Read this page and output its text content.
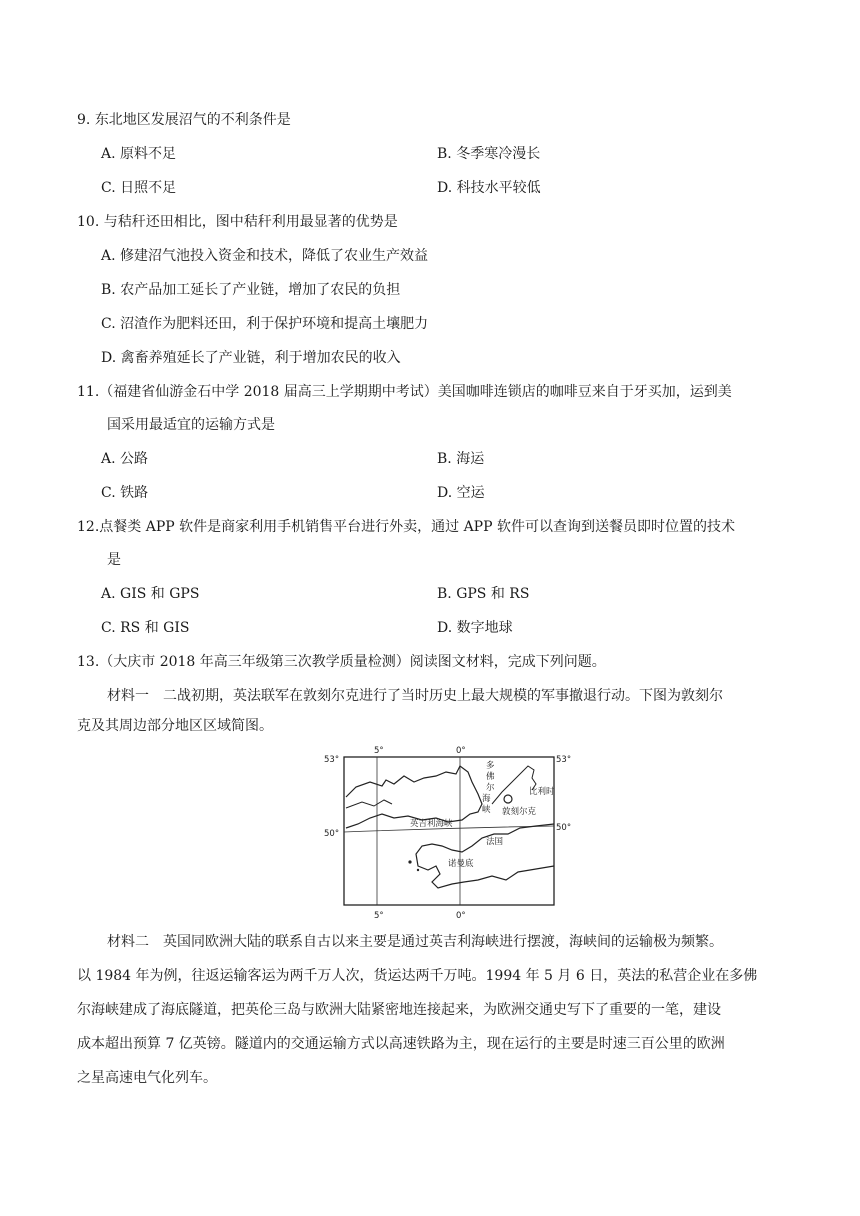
9. 东北地区发展沼气的不利条件是
A. 原料不足	B. 冬季寒冷漫长
C. 日照不足	D. 科技水平较低
10. 与秸秆还田相比，图中秸秆利用最显著的优势是
A. 修建沼气池投入资金和技术，降低了农业生产效益
B. 农产品加工延长了产业链，增加了农民的负担
C. 沼渣作为肥料还田，利于保护环境和提高土壤肥力
D. 禽畜养殖延长了产业链，利于增加农民的收入
11.（福建省仙游金石中学 2018 届高三上学期期中考试）美国咖啡连锁店的咖啡豆来自于牙买加，运到美
国采用最适宜的运输方式是
A. 公路	B. 海运
C. 铁路	D. 空运
12.点餐类 APP 软件是商家利用手机销售平台进行外卖，通过 APP 软件可以查询到送餐员即时位置的技术
是
A. GIS 和 GPS	B. GPS 和 RS
C. RS 和 GIS	D. 数字地球
13.（大庆市 2018 年高三年级第三次教学质量检测）阅读图文材料，完成下列问题。
材料一　二战初期，英法联军在敦刻尔克进行了当时历史上最大规模的军事撤退行动。下图为敦刻尔
克及其周边部分地区区域简图。
5°	0°
53°	53°
50°
50°
5°	0°
多
佛
尔
海
峡
比利时
敦刻尔克
英吉利海峡
法国
诺曼底
材料二　英国同欧洲大陆的联系自古以来主要是通过英吉利海峡进行摆渡，海峡间的运输极为频繁。
以 1984 年为例，往返运输客运为两千万人次，货运达两千万吨。1994 年 5 月 6 日，英法的私营企业在多佛
尔海峡建成了海底隧道，把英伦三岛与欧洲大陆紧密地连接起来，为欧洲交通史写下了重要的一笔，建设
成本超出预算 7 亿英镑。隧道内的交通运输方式以高速铁路为主，现在运行的主要是时速三百公里的欧洲
之星高速电气化列车。
